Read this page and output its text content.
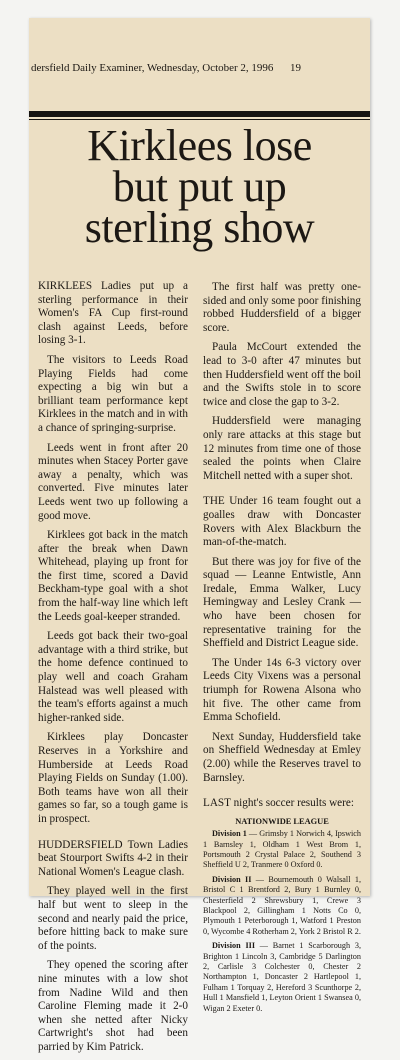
dersfield Daily Examiner, Wednesday, October 2, 1996 19
Kirklees lose
but put up
sterling show

KIRKLEES Ladies put up a sterling performance in their Women's FA Cup first-round clash against Leeds, before losing 3-1.

The visitors to Leeds Road Playing Fields had come expecting a big win but a brilliant team performance kept Kirklees in the match and in with a chance of springing-surprise.

Leeds went in front after 20 minutes when Stacey Porter gave away a penalty, which was converted. Five minutes later Leeds went two up following a good move.

Kirklees got back in the match after the break when Dawn Whitehead, playing up front for the first time, scored a David Beckham-type goal with a shot from the half-way line which left the Leeds goal-keeper stranded.

Leeds got back their two-goal advantage with a third strike, but the home defence continued to play well and coach Graham Halstead was well pleased with the team's efforts against a much higher-ranked side.

Kirklees play Doncaster Reserves in a Yorkshire and Humberside at Leeds Road Playing Fields on Sunday (1.00). Both teams have won all their games so far, so a tough game is in prospect.

HUDDERSFIELD Town Ladies beat Stourport Swifts 4-2 in their National Women's League clash.

They played well in the first half but went to sleep in the second and nearly paid the price, before hitting back to make sure of the points.

They opened the scoring after nine minutes with a low shot from Nadine Wild and then Caroline Fleming made it 2-0 when she netted after Nicky Cartwright's shot had been parried by Kim Patrick.

The first half was pretty one-sided and only some poor finishing robbed Huddersfield of a bigger score.

Paula McCourt extended the lead to 3-0 after 47 minutes but then Huddersfield went off the boil and the Swifts stole in to score twice and close the gap to 3-2.

Huddersfield were managing only rare attacks at this stage but 12 minutes from time one of those sealed the points when Claire Mitchell netted with a super shot.

THE Under 16 team fought out a goalles draw with Doncaster Rovers with Alex Blackburn the man-of-the-match.

But there was joy for five of the squad — Leanne Entwistle, Ann Iredale, Emma Walker, Lucy Hemingway and Lesley Crank — who have been chosen for representative training for the Sheffield and District League side.

The Under 14s 6-3 victory over Leeds City Vixens was a personal triumph for Rowena Alsona who hit five. The other came from Emma Schofield.

Next Sunday, Huddersfield take on Sheffield Wednesday at Emley (2.00) while the Reserves travel to Barnsley.

LAST night's soccer results were:

NATIONWIDE LEAGUE

Division 1 — Grimsby 1 Norwich 4, Ipswich 1 Barnsley 1, Oldham 1 West Brom 1, Portsmouth 2 Crystal Palace 2, Southend 3 Sheffield U 2, Tranmere 0 Oxford 0.

Division II — Bournemouth 0 Walsall 1, Bristol C 1 Brentford 2, Bury 1 Burnley 0, Chesterfield 2 Shrewsbury 1, Crewe 3 Blackpool 2, Gillingham 1 Notts Co 0, Plymouth 1 Peterborough 1, Watford 1 Preston 0, Wycombe 4 Rotherham 2, York 2 Bristol R 2.

Division III — Barnet 1 Scarborough 3, Brighton 1 Lincoln 3, Cambridge 5 Darlington 2, Carlisle 3 Colchester 0, Chester 2 Northampton 1, Doncaster 2 Hartlepool 1, Fulham 1 Torquay 2, Hereford 3 Scunthorpe 2, Hull 1 Mansfield 1, Leyton Orient 1 Swansea 0, Wigan 2 Exeter 0.
